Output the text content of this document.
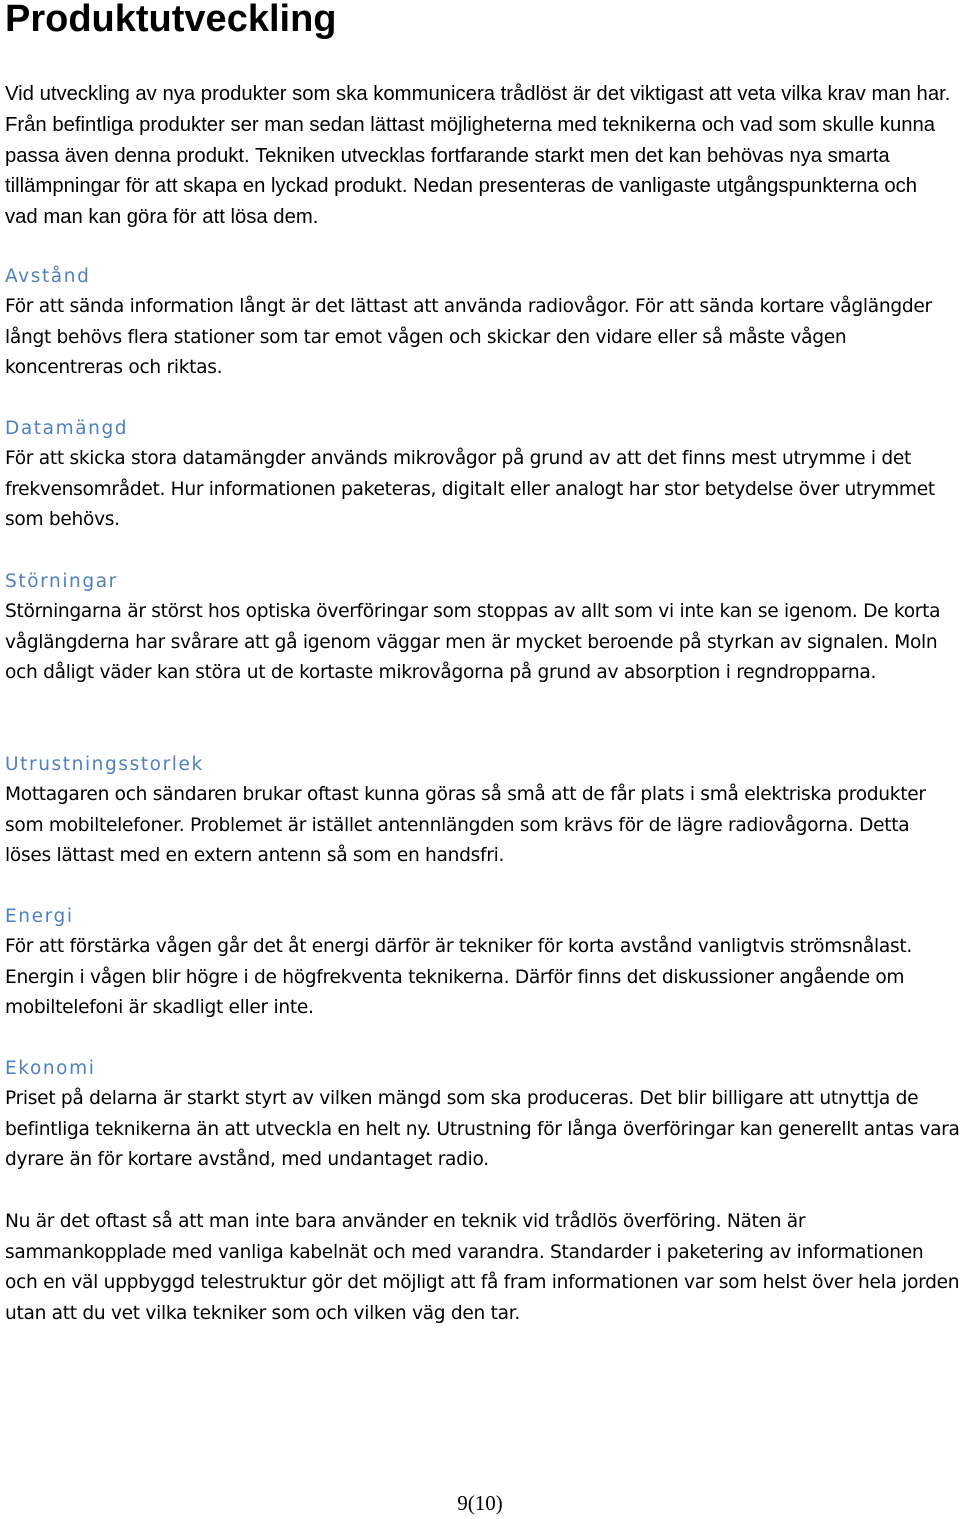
Produktutveckling

Vid utveckling av nya produkter som ska kommunicera trådlöst är det viktigast att veta vilka krav man har. Från befintliga produkter ser man sedan lättast möjligheterna med teknikerna och vad som skulle kunna passa även denna produkt. Tekniken utvecklas fortfarande starkt men det kan behövas nya smarta tillämpningar för att skapa en lyckad produkt. Nedan presenteras de vanligaste utgångspunkterna och vad man kan göra för att lösa dem.

Avstånd

För att sända information långt är det lättast att använda radiovågor. För att sända kortare våglängder långt behövs flera stationer som tar emot vågen och skickar den vidare eller så måste vågen koncentreras och riktas.

Datamängd

För att skicka stora datamängder används mikrovågor på grund av att det finns mest utrymme i det frekvensområdet. Hur informationen paketeras, digitalt eller analogt har stor betydelse över utrymmet som behövs.

Störningar

Störningarna är störst hos optiska överföringar som stoppas av allt som vi inte kan se igenom. De korta våglängderna har svårare att gå igenom väggar men är mycket beroende på styrkan av signalen. Moln och dåligt väder kan störa ut de kortaste mikrovågorna på grund av absorption i regndropparna.

Utrustningsstorlek

Mottagaren och sändaren brukar oftast kunna göras så små att de får plats i små elektriska produkter som mobiltelefoner. Problemet är istället antennlängden som krävs för de lägre radiovågorna. Detta löses lättast med en extern antenn så som en handsfri.

Energi

För att förstärka vågen går det åt energi därför är tekniker för korta avstånd vanligtvis strömsnålast. Energin i vågen blir högre i de högfrekventa teknikerna. Därför finns det diskussioner angående om mobiltelefoni är skadligt eller inte.

Ekonomi

Priset på delarna är starkt styrt av vilken mängd som ska produceras. Det blir billigare att utnyttja de befintliga teknikerna än att utveckla en helt ny. Utrustning för långa överföringar kan generellt antas vara dyrare än för kortare avstånd, med undantaget radio.

Nu är det oftast så att man inte bara använder en teknik vid trådlös överföring. Näten är sammankopplade med vanliga kabelnät och med varandra. Standarder i paketering av informationen och en väl uppbyggd telestruktur gör det möjligt att få fram informationen var som helst över hela jorden utan att du vet vilka tekniker som och vilken väg den tar.

9(10)
